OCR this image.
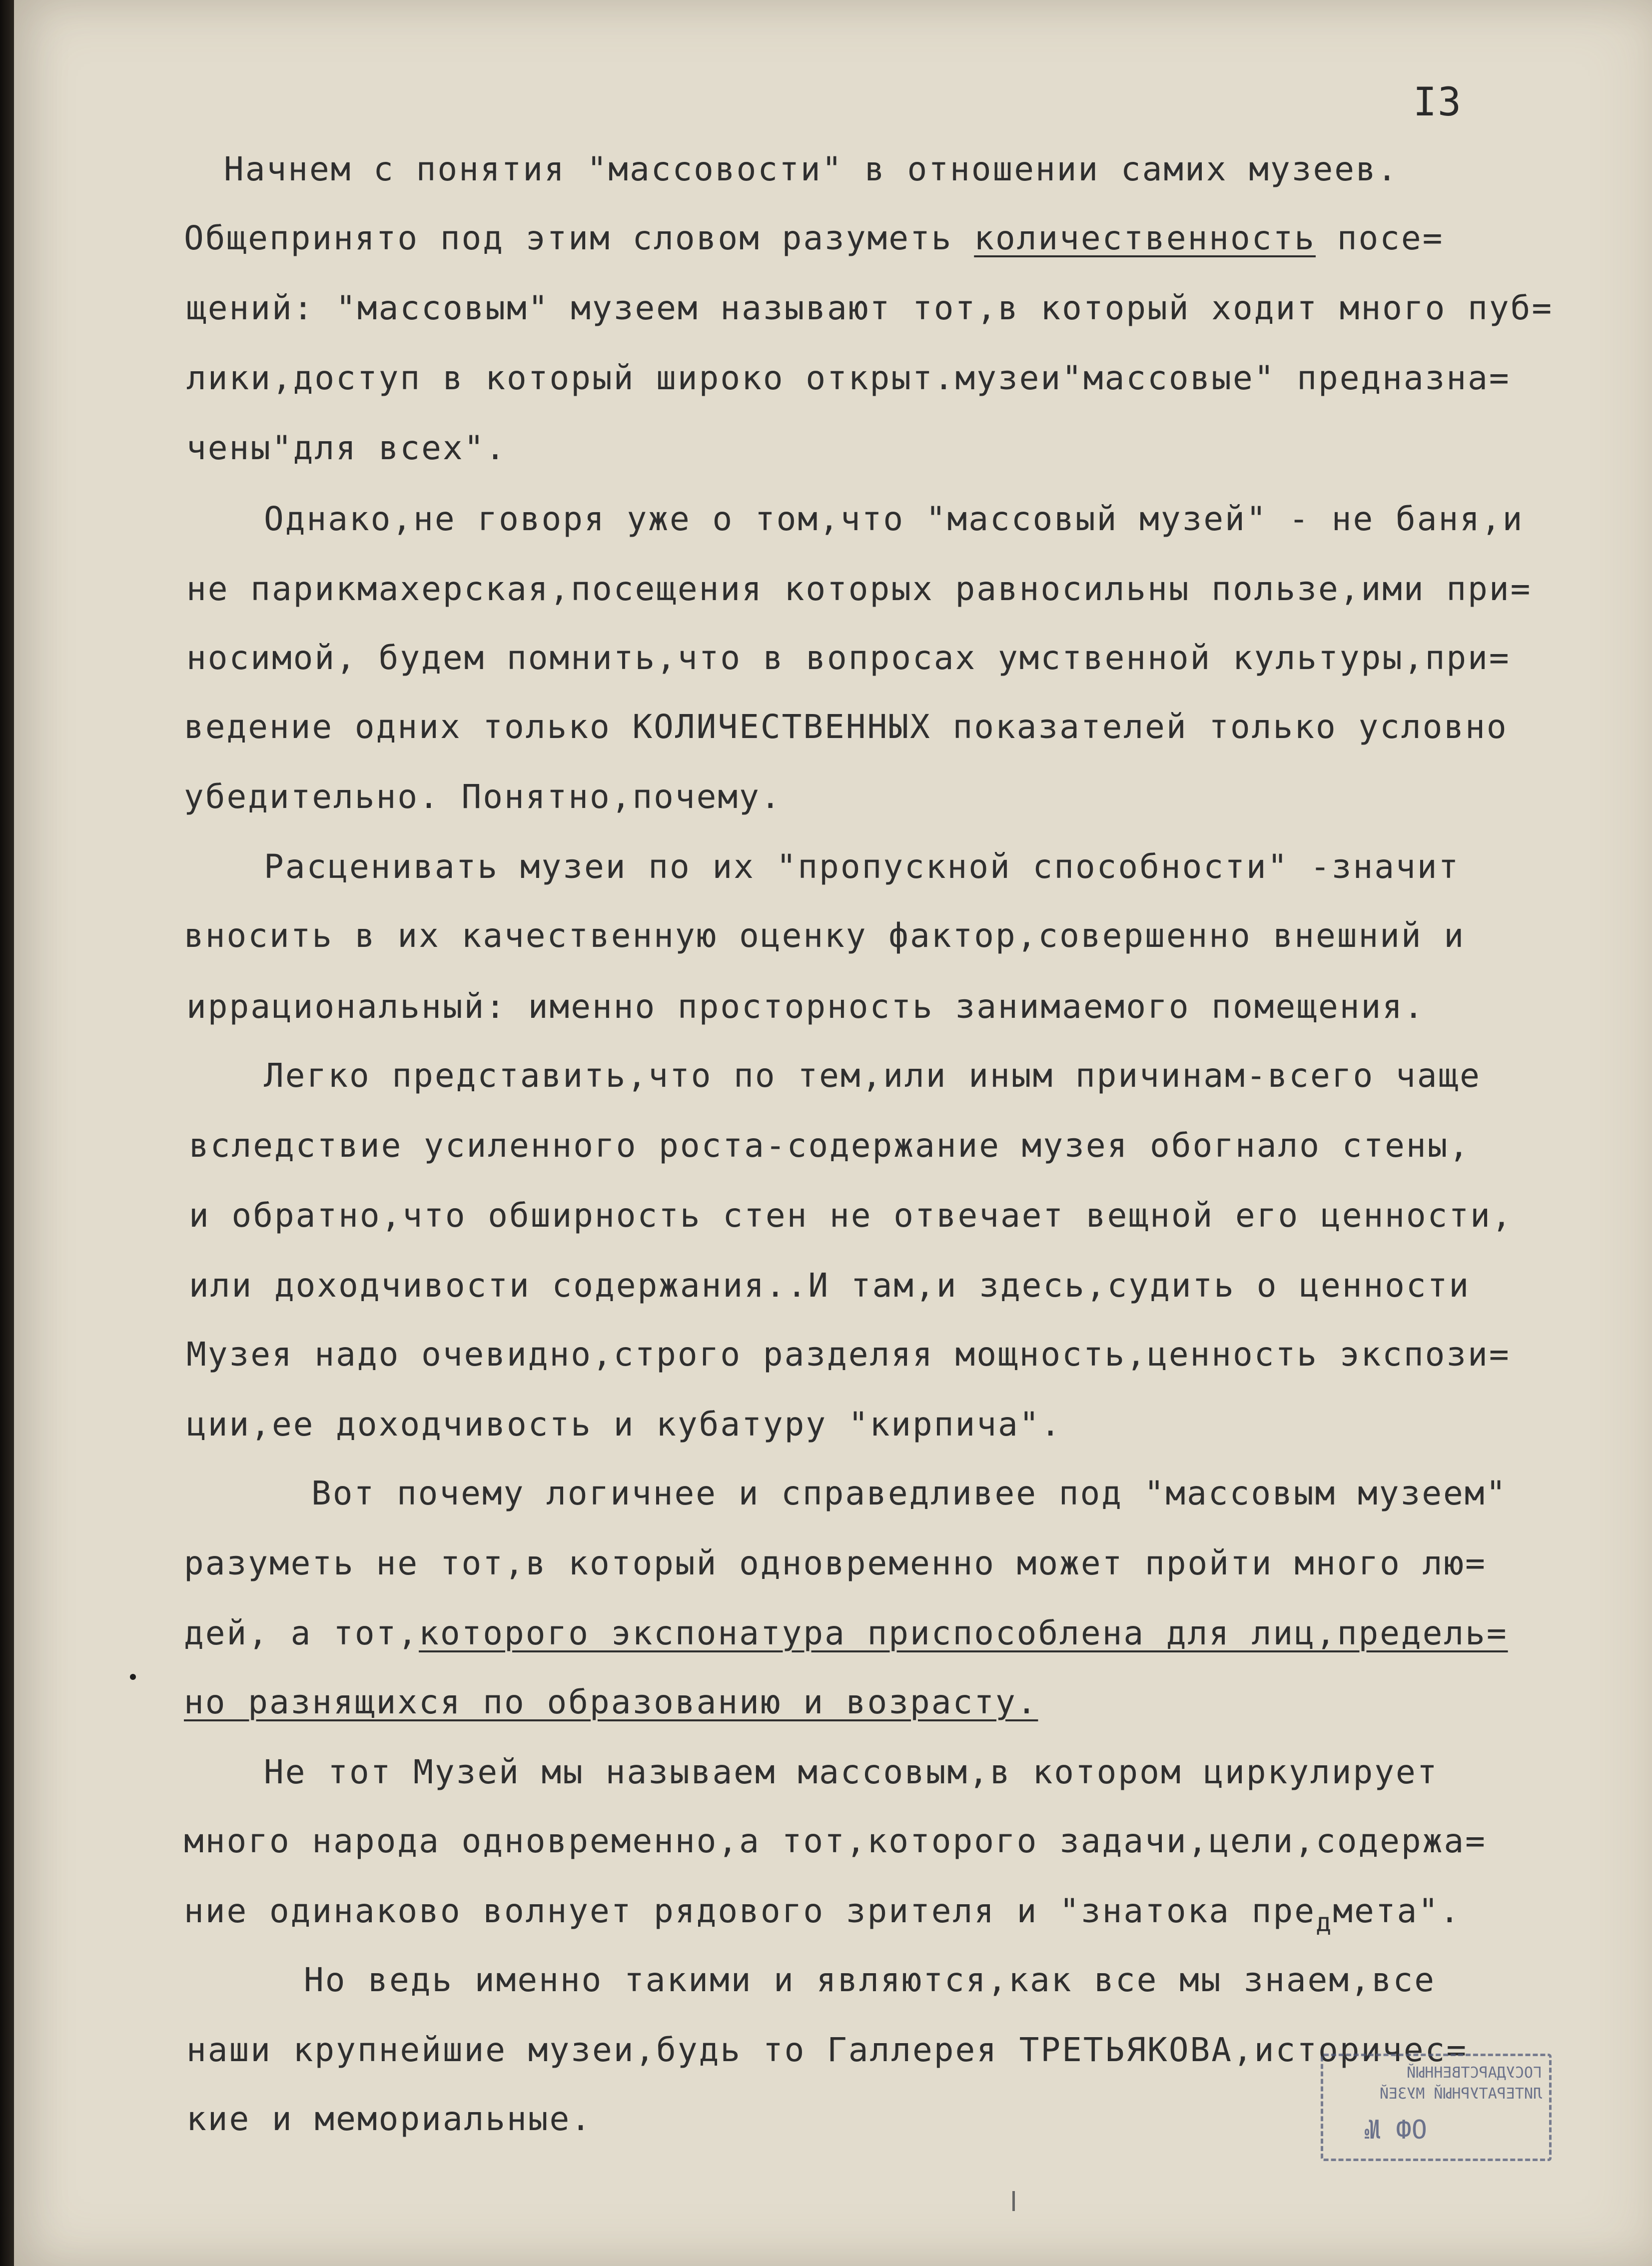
I3
Начнем с понятия "массовости" в отношении самих музеев.
Общепринято под этим словом разуметь количественность посе=
щений: "массовым" музеем называют тот,в который ходит много пуб=
лики,доступ в который широко открыт.музеи"массовые" предназна=
чены"для всех".
Однако,не говоря уже о том,что "массовый музей" - не баня,и
не парикмахерская,посещения которых равносильны пользе,ими при=
носимой, будем помнить,что в вопросах умственной культуры,при=
ведение одних только КОЛИЧЕСТВЕННЫХ показателей только условно
убедительно. Понятно,почему.
Расценивать музеи по их "пропускной способности" -значит
вносить в их качественную оценку фактор,совершенно внешний и
иррациональный: именно просторность занимаемого помещения.
Легко представить,что по тем,или иным причинам-всего чаще
вследствие усиленного роста-содержание музея обогнало стены,
и обратно,что обширность стен не отвечает вещной его ценности,
или доходчивости содержания..И там,и здесь,судить о ценности
Музея надо очевидно,строго разделяя мощность,ценность экспози=
ции,ее доходчивость и кубатуру "кирпича".
Вот почему логичнее и справедливее под "массовым музеем"
разуметь не тот,в который одновременно может пройти много лю=
дей, а тот,которого экспонатура приспособлена для лиц,предель=
но разнящихся по образованию и возрасту.
Не тот Музей мы называем массовым,в котором циркулирует
много народа одновременно,а тот,которого задачи,цели,содержа=
ние одинаково волнует рядового зрителя и "знатока пре$_д$мета".
Но ведь именно такими и являются,как все мы знаем,все
наши крупнейшие музеи,будь то Галлерея ТРЕТЬЯКОВА,историчес=
кие и мемориальные.
ГОСУДАРСТВЕННЫЙ
ЛИТЕРАТУРНЫЙ МУЗЕЙ
ОФ №
